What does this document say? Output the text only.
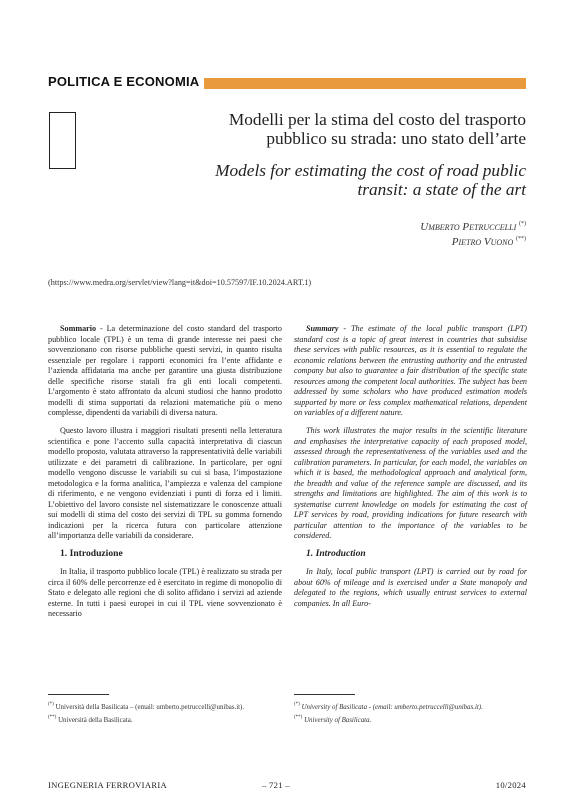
POLITICA E ECONOMIA
Modelli per la stima del costo del trasporto pubblico su strada: uno stato dell’arte
Models for estimating the cost of road public transit: a state of the art
Umberto Petruccelli (*)
Pietro Vuono (**)
(https://www.medra.org/servlet/view?lang=it&doi=10.57597/IF.10.2024.ART.1)

Sommario - La determinazione del costo standard del trasporto pubblico locale (TPL) è un tema di grande interesse nei paesi che sovvenzionano con risorse pubbliche questi servizi, in quanto risulta essenziale per regolare i rapporti economici fra l’ente affidante e l’azienda affidataria ma anche per garantire una giusta distribuzione delle specifiche risorse statali fra gli enti locali competenti. L’argomento è stato affrontato da alcuni studiosi che hanno prodotto modelli di stima supportati da relazioni matematiche più o meno complesse, dipendenti da variabili di diversa natura.

Questo lavoro illustra i maggiori risultati presenti nella letteratura scientifica e pone l’accento sulla capacità interpretativa di ciascun modello proposto, valutata attraverso la rappresentatività delle variabili utilizzate e dei parametri di calibrazione. In particolare, per ogni modello vengono discusse le variabili su cui si basa, l’impostazione metodologica e la forma analitica, l’ampiezza e valenza del campione di riferimento, e ne vengono evidenziati i punti di forza ed i limiti. L’obiettivo del lavoro consiste nel sistematizzare le conoscenze attuali sui modelli di stima del costo dei servizi di TPL su gomma fornendo indicazioni per la ricerca futura con particolare attenzione all’importanza delle variabili da considerare.

1. Introduzione

In Italia, il trasporto pubblico locale (TPL) è realizzato su strada per circa il 60% delle percorrenze ed è esercitato in regime di monopolio di Stato e delegato alle regioni che di solito affidano i servizi ad aziende esterne. In tutti i paesi europei in cui il TPL viene sovvenzionato è necessario

Summary - The estimate of the local public transport (LPT) standard cost is a topic of great interest in countries that subsidise these services with public resources, as it is essential to regulate the economic relations between the entrusting authority and the entrusted company but also to guarantee a fair distribution of the specific state resources among the competent local authorities. The subject has been addressed by some scholars who have produced estimation models supported by more or less complex mathematical relations, dependent on variables of a different nature.

This work illustrates the major results in the scientific literature and emphasises the interpretative capacity of each proposed model, assessed through the representativeness of the variables used and the calibration parameters. In particular, for each model, the variables on which it is based, the methodological approach and analytical form, the breadth and value of the reference sample are discussed, and its strengths and limitations are highlighted. The aim of this work is to systematise current knowledge on models for estimating the cost of LPT services by road, providing indications for future research with particular attention to the importance of the variables to be considered.

1. Introduction

In Italy, local public transport (LPT) is carried out by road for about 60% of mileage and is exercised under a State monopoly and delegated to the regions, which usually entrust services to external companies. In all Euro-

(*) Università della Basilicata – (email: umberto.petruccelli@unibas.it).
(**) Università della Basilicata.
(*) University of Basilicata - (email: umberto.petruccelli@unibas.it).
(**) University of Basilicata.
INGEGNERIA FERROVIARIA	– 721 –	10/2024
